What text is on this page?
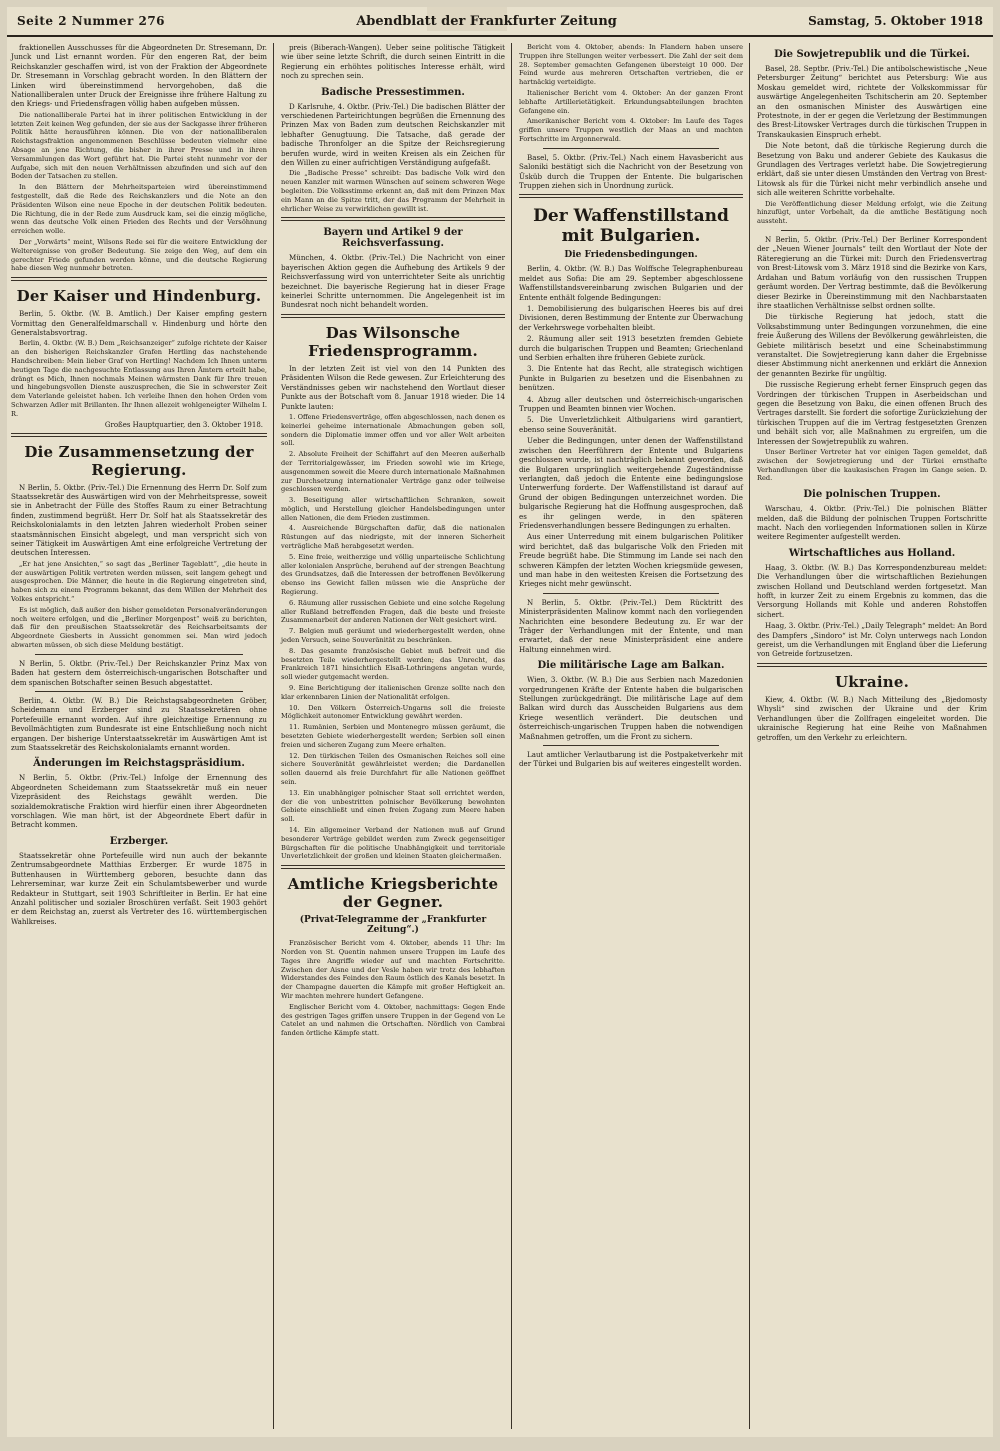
Seite 2 Nummer 276	Abendblatt der Frankfurter Zeitung	Samstag, 5. Oktober 1918

fraktionellen Ausschusses für die Abgeordneten Dr. Stresemann, Dr. Junck und List ernannt worden. Für den engeren Rat, der beim Reichskanzler geschaffen wird, ist von der Fraktion der Abgeordnete Dr. Stresemann in Vorschlag gebracht worden. In den Blättern der Linken wird übereinstimmend hervorgehoben, daß die Nationalliberalen unter Druck der Ereignisse ihre frühere Haltung zu den Kriegs- und Friedensfragen völlig haben aufgeben müssen.

Die nationalliberale Partei hat in ihrer politischen Entwicklung in der letzten Zeit keinen Weg gefunden, der sie aus der Sackgasse ihrer früheren Politik hätte herausführen können. Die von der nationalliberalen Reichstagsfraktion angenommenen Beschlüsse bedeuten vielmehr eine Absage an jene Richtung, die bisher in ihrer Presse und in ihren Versammlungen das Wort geführt hat. Die Partei steht nunmehr vor der Aufgabe, sich mit den neuen Verhältnissen abzufinden und sich auf den Boden der Tatsachen zu stellen.

In den Blättern der Mehrheitsparteien wird übereinstimmend festgestellt, daß die Rede des Reichskanzlers und die Note an den Präsidenten Wilson eine neue Epoche in der deutschen Politik bedeuten. Die Richtung, die in der Rede zum Ausdruck kam, sei die einzig mögliche, wenn das deutsche Volk einen Frieden des Rechts und der Versöhnung erreichen wolle.

Der „Vorwärts“ meint, Wilsons Rede sei für die weitere Entwicklung der Weltereignisse von großer Bedeutung. Sie zeige den Weg, auf dem ein gerechter Friede gefunden werden könne, und die deutsche Regierung habe diesen Weg nunmehr betreten.

Der Kaiser und Hindenburg.

Berlin, 5. Oktbr. (W. B. Amtlich.) Der Kaiser empfing gestern Vormittag den Generalfeldmarschall v. Hindenburg und hörte den Generalstabsvortrag.

Berlin, 4. Oktbr. (W. B.) Dem „Reichsanzeiger“ zufolge richtete der Kaiser an den bisherigen Reichskanzler Grafen Hertling das nachstehende Handschreiben: Mein lieber Graf von Hertling! Nachdem Ich Ihnen unterm heutigen Tage die nachgesuchte Entlassung aus Ihren Ämtern erteilt habe, drängt es Mich, Ihnen nochmals Meinen wärmsten Dank für Ihre treuen und hingebungsvollen Dienste auszusprechen, die Sie in schwerster Zeit dem Vaterlande geleistet haben. Ich verleihe Ihnen den hohen Orden vom Schwarzen Adler mit Brillanten. Ihr Ihnen allezeit wohlgeneigter Wilhelm I. R.

Großes Hauptquartier, den 3. Oktober 1918.
Die Zusammensetzung der Regierung.

N Berlin, 5. Oktbr. (Priv.-Tel.) Die Ernennung des Herrn Dr. Solf zum Staatssekretär des Auswärtigen wird von der Mehrheitspresse, soweit sie in Anbetracht der Fülle des Stoffes Raum zu einer Betrachtung finden, zustimmend begrüßt. Herr Dr. Solf hat als Staatssekretär des Reichskolonialamts in den letzten Jahren wiederholt Proben seiner staatsmännischen Einsicht abgelegt, und man verspricht sich von seiner Tätigkeit im Auswärtigen Amt eine erfolgreiche Vertretung der deutschen Interessen.

„Er hat jene Ansichten,“ so sagt das „Berliner Tageblatt“, „die heute in der auswärtigen Politik vertreten werden müssen, seit langem gehegt und ausgesprochen. Die Männer, die heute in die Regierung eingetreten sind, haben sich zu einem Programm bekannt, das dem Willen der Mehrheit des Volkes entspricht.“

Es ist möglich, daß außer den bisher gemeldeten Personalveränderungen noch weitere erfolgen, und die „Berliner Morgenpost“ weiß zu berichten, daß für den preußischen Staatssekretär des Reichsarbeitsamts der Abgeordnete Giesberts in Aussicht genommen sei. Man wird jedoch abwarten müssen, ob sich diese Meldung bestätigt.

N Berlin, 5. Oktbr. (Priv.-Tel.) Der Reichskanzler Prinz Max von Baden hat gestern dem österreichisch-ungarischen Botschafter und dem spanischen Botschafter seinen Besuch abgestattet.

Berlin, 4. Oktbr. (W. B.) Die Reichstagsabgeordneten Gröber, Scheidemann und Erzberger sind zu Staatssekretären ohne Portefeuille ernannt worden. Auf ihre gleichzeitige Ernennung zu Bevollmächtigten zum Bundesrate ist eine Entschließung noch nicht ergangen. Der bisherige Unterstaatssekretär im Auswärtigen Amt ist zum Staatssekretär des Reichskolonialamts ernannt worden.

Änderungen im Reichstagspräsidium.

N Berlin, 5. Oktbr. (Priv.-Tel.) Infolge der Ernennung des Abgeordneten Scheidemann zum Staatssekretär muß ein neuer Vizepräsident des Reichstags gewählt werden. Die sozialdemokratische Fraktion wird hierfür einen ihrer Abgeordneten vorschlagen. Wie man hört, ist der Abgeordnete Ebert dafür in Betracht kommen.

Erzberger.

Staatssekretär ohne Portefeuille wird nun auch der bekannte Zentrumsabgeordnete Matthias Erzberger. Er wurde 1875 in Buttenhausen in Württemberg geboren, besuchte dann das Lehrerseminar, war kurze Zeit ein Schulamtsbewerber und wurde Redakteur in Stuttgart, seit 1903 Schriftleiter in Berlin. Er hat eine Anzahl politischer und sozialer Broschüren verfaßt. Seit 1903 gehört er dem Reichstag an, zuerst als Vertreter des 16. württembergischen Wahlkreises.

preis (Biberach-Wangen). Ueber seine politische Tätigkeit wie über seine letzte Schrift, die durch seinen Eintritt in die Regierung ein erhöhtes politisches Interesse erhält, wird noch zu sprechen sein.

Badische Pressestimmen.

D Karlsruhe, 4. Oktbr. (Priv.-Tel.) Die badischen Blätter der verschiedenen Parteirichtungen begrüßen die Ernennung des Prinzen Max von Baden zum deutschen Reichskanzler mit lebhafter Genugtuung. Die Tatsache, daß gerade der badische Thronfolger an die Spitze der Reichsregierung berufen wurde, wird in weiten Kreisen als ein Zeichen für den Willen zu einer aufrichtigen Verständigung aufgefaßt.

Die „Badische Presse“ schreibt: Das badische Volk wird den neuen Kanzler mit warmen Wünschen auf seinem schweren Wege begleiten. Die Volksstimme erkennt an, daß mit dem Prinzen Max ein Mann an die Spitze tritt, der das Programm der Mehrheit in ehrlicher Weise zu verwirklichen gewillt ist.

Bayern und Artikel 9 der Reichsverfassung.

München, 4. Oktbr. (Priv.-Tel.) Die Nachricht von einer bayerischen Aktion gegen die Aufhebung des Artikels 9 der Reichsverfassung wird von unterrichteter Seite als unrichtig bezeichnet. Die bayerische Regierung hat in dieser Frage keinerlei Schritte unternommen. Die Angelegenheit ist im Bundesrat noch nicht behandelt worden.

Das Wilsonsche Friedensprogramm.

In der letzten Zeit ist viel von den 14 Punkten des Präsidenten Wilson die Rede gewesen. Zur Erleichterung des Verständnisses geben wir nachstehend den Wortlaut dieser Punkte aus der Botschaft vom 8. Januar 1918 wieder. Die 14 Punkte lauten:

1. Offene Friedensverträge, offen abgeschlossen, nach denen es keinerlei geheime internationale Abmachungen geben soll, sondern die Diplomatie immer offen und vor aller Welt arbeiten soll.

2. Absolute Freiheit der Schiffahrt auf den Meeren außerhalb der Territorialgewässer, im Frieden sowohl wie im Kriege, ausgenommen soweit die Meere durch internationale Maßnahmen zur Durchsetzung internationaler Verträge ganz oder teilweise geschlossen werden.

3. Beseitigung aller wirtschaftlichen Schranken, soweit möglich, und Herstellung gleicher Handelsbedingungen unter allen Nationen, die dem Frieden zustimmen.

4. Ausreichende Bürgschaften dafür, daß die nationalen Rüstungen auf das niedrigste, mit der inneren Sicherheit verträgliche Maß herabgesetzt werden.

5. Eine freie, weitherzige und völlig unparteiische Schlichtung aller kolonialen Ansprüche, beruhend auf der strengen Beachtung des Grundsatzes, daß die Interessen der betroffenen Bevölkerung ebenso ins Gewicht fallen müssen wie die Ansprüche der Regierung.

6. Räumung aller russischen Gebiete und eine solche Regelung aller Rußland betreffenden Fragen, daß die beste und freieste Zusammenarbeit der anderen Nationen der Welt gesichert wird.

7. Belgien muß geräumt und wiederhergestellt werden, ohne jeden Versuch, seine Souveränität zu beschränken.

8. Das gesamte französische Gebiet muß befreit und die besetzten Teile wiederhergestellt werden; das Unrecht, das Frankreich 1871 hinsichtlich Elsaß-Lothringens angetan wurde, soll wieder gutgemacht werden.

9. Eine Berichtigung der italienischen Grenze sollte nach den klar erkennbaren Linien der Nationalität erfolgen.

10. Den Völkern Österreich-Ungarns soll die freieste Möglichkeit autonomer Entwicklung gewährt werden.

11. Rumänien, Serbien und Montenegro müssen geräumt, die besetzten Gebiete wiederhergestellt werden; Serbien soll einen freien und sicheren Zugang zum Meere erhalten.

12. Den türkischen Teilen des Osmanischen Reiches soll eine sichere Souveränität gewährleistet werden; die Dardanellen sollen dauernd als freie Durchfahrt für alle Nationen geöffnet sein.

13. Ein unabhängiger polnischer Staat soll errichtet werden, der die von unbestritten polnischer Bevölkerung bewohnten Gebiete einschließt und einen freien Zugang zum Meere haben soll.

14. Ein allgemeiner Verband der Nationen muß auf Grund besonderer Verträge gebildet werden zum Zweck gegenseitiger Bürgschaften für die politische Unabhängigkeit und territoriale Unverletzlichkeit der großen und kleinen Staaten gleichermaßen.

Amtliche Kriegsberichte der Gegner.
(Privat-Telegramme der „Frankfurter Zeitung“.)

Französischer Bericht vom 4. Oktober, abends 11 Uhr: Im Norden von St. Quentin nahmen unsere Truppen im Laufe des Tages ihre Angriffe wieder auf und machten Fortschritte. Zwischen der Aisne und der Vesle haben wir trotz des lebhaften Widerstandes des Feindes den Raum östlich des Kanals besetzt. In der Champagne dauerten die Kämpfe mit großer Heftigkeit an. Wir machten mehrere hundert Gefangene.

Englischer Bericht vom 4. Oktober, nachmittags: Gegen Ende des gestrigen Tages griffen unsere Truppen in der Gegend von Le Catelet an und nahmen die Ortschaften. Nördlich von Cambrai fanden örtliche Kämpfe statt.

Bericht vom 4. Oktober, abends: In Flandern haben unsere Truppen ihre Stellungen weiter verbessert. Die Zahl der seit dem 28. September gemachten Gefangenen übersteigt 10 000. Der Feind wurde aus mehreren Ortschaften vertrieben, die er hartnäckig verteidigte.

Italienischer Bericht vom 4. Oktober: An der ganzen Front lebhafte Artillerietätigkeit. Erkundungsabteilungen brachten Gefangene ein.

Amerikanischer Bericht vom 4. Oktober: Im Laufe des Tages griffen unsere Truppen westlich der Maas an und machten Fortschritte im Argonnerwald.

Basel, 5. Oktbr. (Priv.-Tel.) Nach einem Havasbericht aus Saloniki bestätigt sich die Nachricht von der Besetzung von Üsküb durch die Truppen der Entente. Die bulgarischen Truppen ziehen sich in Unordnung zurück.

Der Waffenstillstand mit Bulgarien.
Die Friedensbedingungen.

Berlin, 4. Oktbr. (W. B.) Das Wolffsche Telegraphenbureau meldet aus Sofia: Die am 29. September abgeschlossene Waffenstillstandsvereinbarung zwischen Bulgarien und der Entente enthält folgende Bedingungen:

1. Demobilisierung des bulgarischen Heeres bis auf drei Divisionen, deren Bestimmung der Entente zur Überwachung der Verkehrswege vorbehalten bleibt.

2. Räumung aller seit 1913 besetzten fremden Gebiete durch die bulgarischen Truppen und Beamten; Griechenland und Serbien erhalten ihre früheren Gebiete zurück.

3. Die Entente hat das Recht, alle strategisch wichtigen Punkte in Bulgarien zu besetzen und die Eisenbahnen zu benützen.

4. Abzug aller deutschen und österreichisch-ungarischen Truppen und Beamten binnen vier Wochen.

5. Die Unverletzlichkeit Altbulgariens wird garantiert, ebenso seine Souveränität.

Ueber die Bedingungen, unter denen der Waffenstillstand zwischen den Heerführern der Entente und Bulgariens geschlossen wurde, ist nachträglich bekannt geworden, daß die Bulgaren ursprünglich weitergehende Zugeständnisse verlangten, daß jedoch die Entente eine bedingungslose Unterwerfung forderte. Der Waffenstillstand ist darauf auf Grund der obigen Bedingungen unterzeichnet worden. Die bulgarische Regierung hat die Hoffnung ausgesprochen, daß es ihr gelingen werde, in den späteren Friedensverhandlungen bessere Bedingungen zu erhalten.

Aus einer Unterredung mit einem bulgarischen Politiker wird berichtet, daß das bulgarische Volk den Frieden mit Freude begrüßt habe. Die Stimmung im Lande sei nach den schweren Kämpfen der letzten Wochen kriegsmüde gewesen, und man habe in den weitesten Kreisen die Fortsetzung des Krieges nicht mehr gewünscht.

N Berlin, 5. Oktbr. (Priv.-Tel.) Dem Rücktritt des Ministerpräsidenten Malinow kommt nach den vorliegenden Nachrichten eine besondere Bedeutung zu. Er war der Träger der Verhandlungen mit der Entente, und man erwartet, daß der neue Ministerpräsident eine andere Haltung einnehmen wird.

Die militärische Lage am Balkan.

Wien, 3. Oktbr. (W. B.) Die aus Serbien nach Mazedonien vorgedrungenen Kräfte der Entente haben die bulgarischen Stellungen zurückgedrängt. Die militärische Lage auf dem Balkan wird durch das Ausscheiden Bulgariens aus dem Kriege wesentlich verändert. Die deutschen und österreichisch-ungarischen Truppen haben die notwendigen Maßnahmen getroffen, um die Front zu sichern.

Laut amtlicher Verlautbarung ist die Postpaketverkehr mit der Türkei und Bulgarien bis auf weiteres eingestellt worden.

Die Sowjetrepublik und die Türkei.

Basel, 28. Septbr. (Priv.-Tel.) Die antibolschewistische „Neue Petersburger Zeitung“ berichtet aus Petersburg: Wie aus Moskau gemeldet wird, richtete der Volkskommissar für auswärtige Angelegenheiten Tschitscherin am 20. September an den osmanischen Minister des Auswärtigen eine Protestnote, in der er gegen die Verletzung der Bestimmungen des Brest-Litowsker Vertrages durch die türkischen Truppen in Transkaukasien Einspruch erhebt.

Die Note betont, daß die türkische Regierung durch die Besetzung von Baku und anderer Gebiete des Kaukasus die Grundlagen des Vertrages verletzt habe. Die Sowjetregierung erklärt, daß sie unter diesen Umständen den Vertrag von Brest-Litowsk als für die Türkei nicht mehr verbindlich ansehe und sich alle weiteren Schritte vorbehalte.

Die Veröffentlichung dieser Meldung erfolgt, wie die Zeitung hinzufügt, unter Vorbehalt, da die amtliche Bestätigung noch aussteht.

N Berlin, 5. Oktbr. (Priv.-Tel.) Der Berliner Korrespondent der „Neuen Wiener Journals“ teilt den Wortlaut der Note der Räteregierung an die Türkei mit: Durch den Friedensvertrag von Brest-Litowsk vom 3. März 1918 sind die Bezirke von Kars, Ardahan und Batum vorläufig von den russischen Truppen geräumt worden. Der Vertrag bestimmte, daß die Bevölkerung dieser Bezirke in Übereinstimmung mit den Nachbarstaaten ihre staatlichen Verhältnisse selbst ordnen sollte.

Die türkische Regierung hat jedoch, statt die Volksabstimmung unter Bedingungen vorzunehmen, die eine freie Äußerung des Willens der Bevölkerung gewährleisten, die Gebiete militärisch besetzt und eine Scheinabstimmung veranstaltet. Die Sowjetregierung kann daher die Ergebnisse dieser Abstimmung nicht anerkennen und erklärt die Annexion der genannten Bezirke für ungültig.

Die russische Regierung erhebt ferner Einspruch gegen das Vordringen der türkischen Truppen in Aserbeidschan und gegen die Besetzung von Baku, die einen offenen Bruch des Vertrages darstellt. Sie fordert die sofortige Zurückziehung der türkischen Truppen auf die im Vertrag festgesetzten Grenzen und behält sich vor, alle Maßnahmen zu ergreifen, um die Interessen der Sowjetrepublik zu wahren.

Unser Berliner Vertreter hat vor einigen Tagen gemeldet, daß zwischen der Sowjetregierung und der Türkei ernsthafte Verhandlungen über die kaukasischen Fragen im Gange seien. D. Red.

Die polnischen Truppen.

Warschau, 4. Oktbr. (Priv.-Tel.) Die polnischen Blätter melden, daß die Bildung der polnischen Truppen Fortschritte macht. Nach den vorliegenden Informationen sollen in Kürze weitere Regimenter aufgestellt werden.

Wirtschaftliches aus Holland.

Haag, 3. Oktbr. (W. B.) Das Korrespondenzbureau meldet: Die Verhandlungen über die wirtschaftlichen Beziehungen zwischen Holland und Deutschland werden fortgesetzt. Man hofft, in kurzer Zeit zu einem Ergebnis zu kommen, das die Versorgung Hollands mit Kohle und anderen Rohstoffen sichert.

Haag, 3. Oktbr. (Priv.-Tel.) „Daily Telegraph“ meldet: An Bord des Dampfers „Sindoro“ ist Mr. Colyn unterwegs nach London gereist, um die Verhandlungen mit England über die Lieferung von Getreide fortzusetzen.

Ukraine.

Kiew, 4. Oktbr. (W. B.) Nach Mitteilung des „Bjedomosty Whysli“ sind zwischen der Ukraine und der Krim Verhandlungen über die Zollfragen eingeleitet worden. Die ukrainische Regierung hat eine Reihe von Maßnahmen getroffen, um den Verkehr zu erleichtern.
